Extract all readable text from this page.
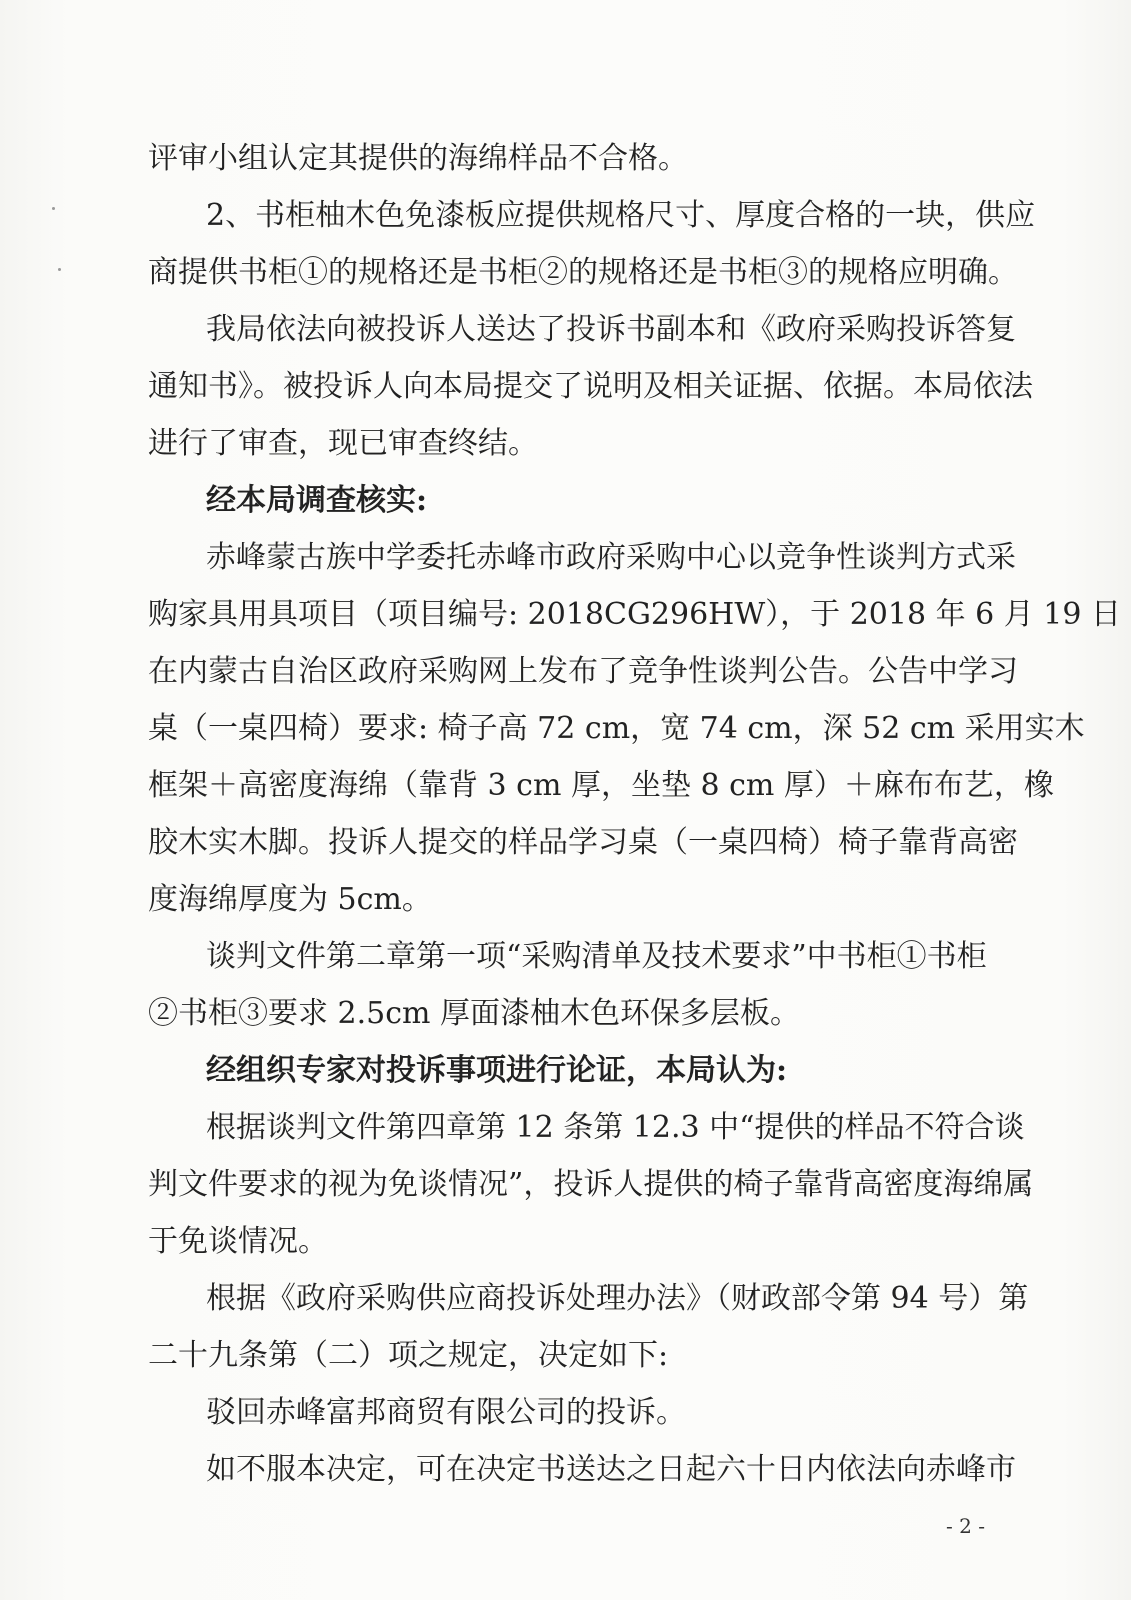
评审小组认定其提供的海绵样品不合格。
2、书柜柚木色免漆板应提供规格尺寸、厚度合格的一块，供应
商提供书柜①的规格还是书柜②的规格还是书柜③的规格应明确。
我局依法向被投诉人送达了投诉书副本和《政府采购投诉答复
通知书》。被投诉人向本局提交了说明及相关证据、依据。本局依法
进行了审查，现已审查终结。
经本局调查核实:
赤峰蒙古族中学委托赤峰市政府采购中心以竞争性谈判方式采
购家具用具项目（项目编号: 2018CG296HW），于 2018 年 6 月 19 日
在内蒙古自治区政府采购网上发布了竞争性谈判公告。公告中学习
桌（一桌四椅）要求: 椅子高 72 cm，宽 74 cm，深 52 cm 采用实木
框架＋高密度海绵（靠背 3 cm 厚，坐垫 8 cm 厚）＋麻布布艺，橡
胶木实木脚。投诉人提交的样品学习桌（一桌四椅）椅子靠背高密
度海绵厚度为 5cm。
谈判文件第二章第一项“采购清单及技术要求”中书柜①书柜
②书柜③要求 2.5cm 厚面漆柚木色环保多层板。
经组织专家对投诉事项进行论证，本局认为:
根据谈判文件第四章第 12 条第 12.3 中“提供的样品不符合谈
判文件要求的视为免谈情况”，投诉人提供的椅子靠背高密度海绵属
于免谈情况。
根据《政府采购供应商投诉处理办法》（财政部令第 94 号）第
二十九条第（二）项之规定，决定如下:
驳回赤峰富邦商贸有限公司的投诉。
如不服本决定，可在决定书送达之日起六十日内依法向赤峰市
- 2 -
